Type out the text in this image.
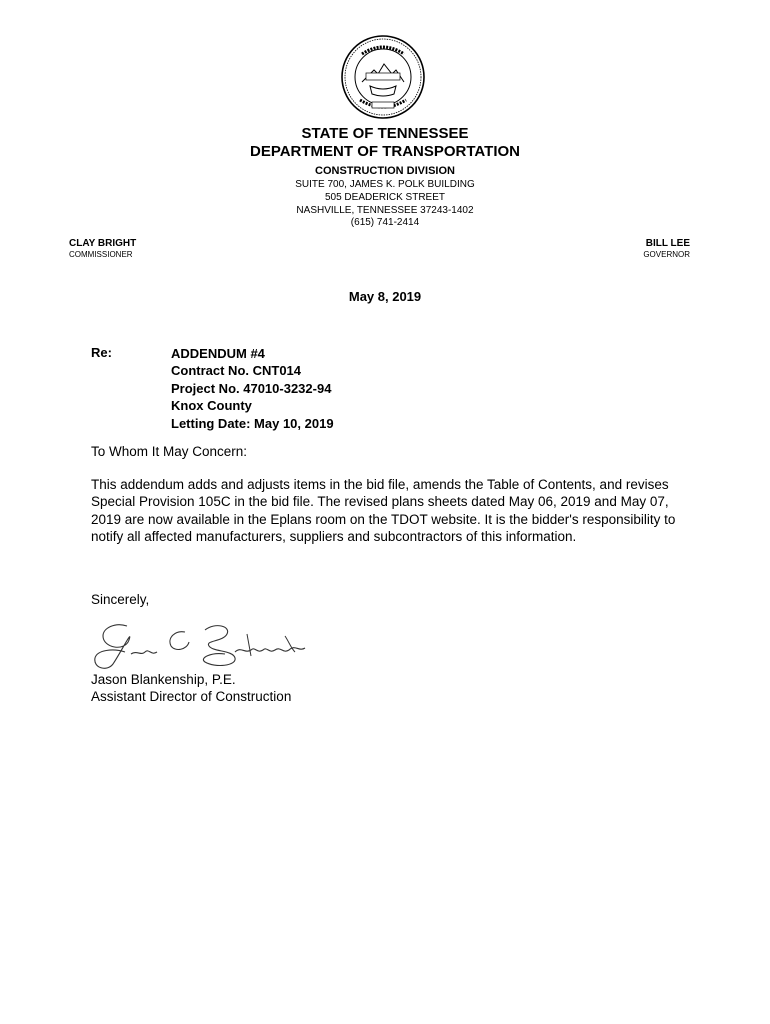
STATE OF TENNESSEE
DEPARTMENT OF TRANSPORTATION
CONSTRUCTION DIVISION
SUITE 700, JAMES K. POLK BUILDING
505 DEADERICK STREET
NASHVILLE, TENNESSEE 37243-1402
(615) 741-2414
CLAY BRIGHT
COMMISSIONER
BILL LEE
GOVERNOR
May 8, 2019
Re:	ADDENDUM #4
Contract No. CNT014
Project No. 47010-3232-94
Knox County
Letting Date: May 10, 2019
To Whom It May Concern:
This addendum adds and adjusts items in the bid file, amends the Table of Contents, and revises Special Provision 105C in the bid file. The revised plans sheets dated May 06, 2019 and May 07, 2019 are now available in the Eplans room on the TDOT website. It is the bidder's responsibility to notify all affected manufacturers, suppliers and subcontractors of this information.
Sincerely,
Jason Blankenship, P.E.
Assistant Director of Construction
